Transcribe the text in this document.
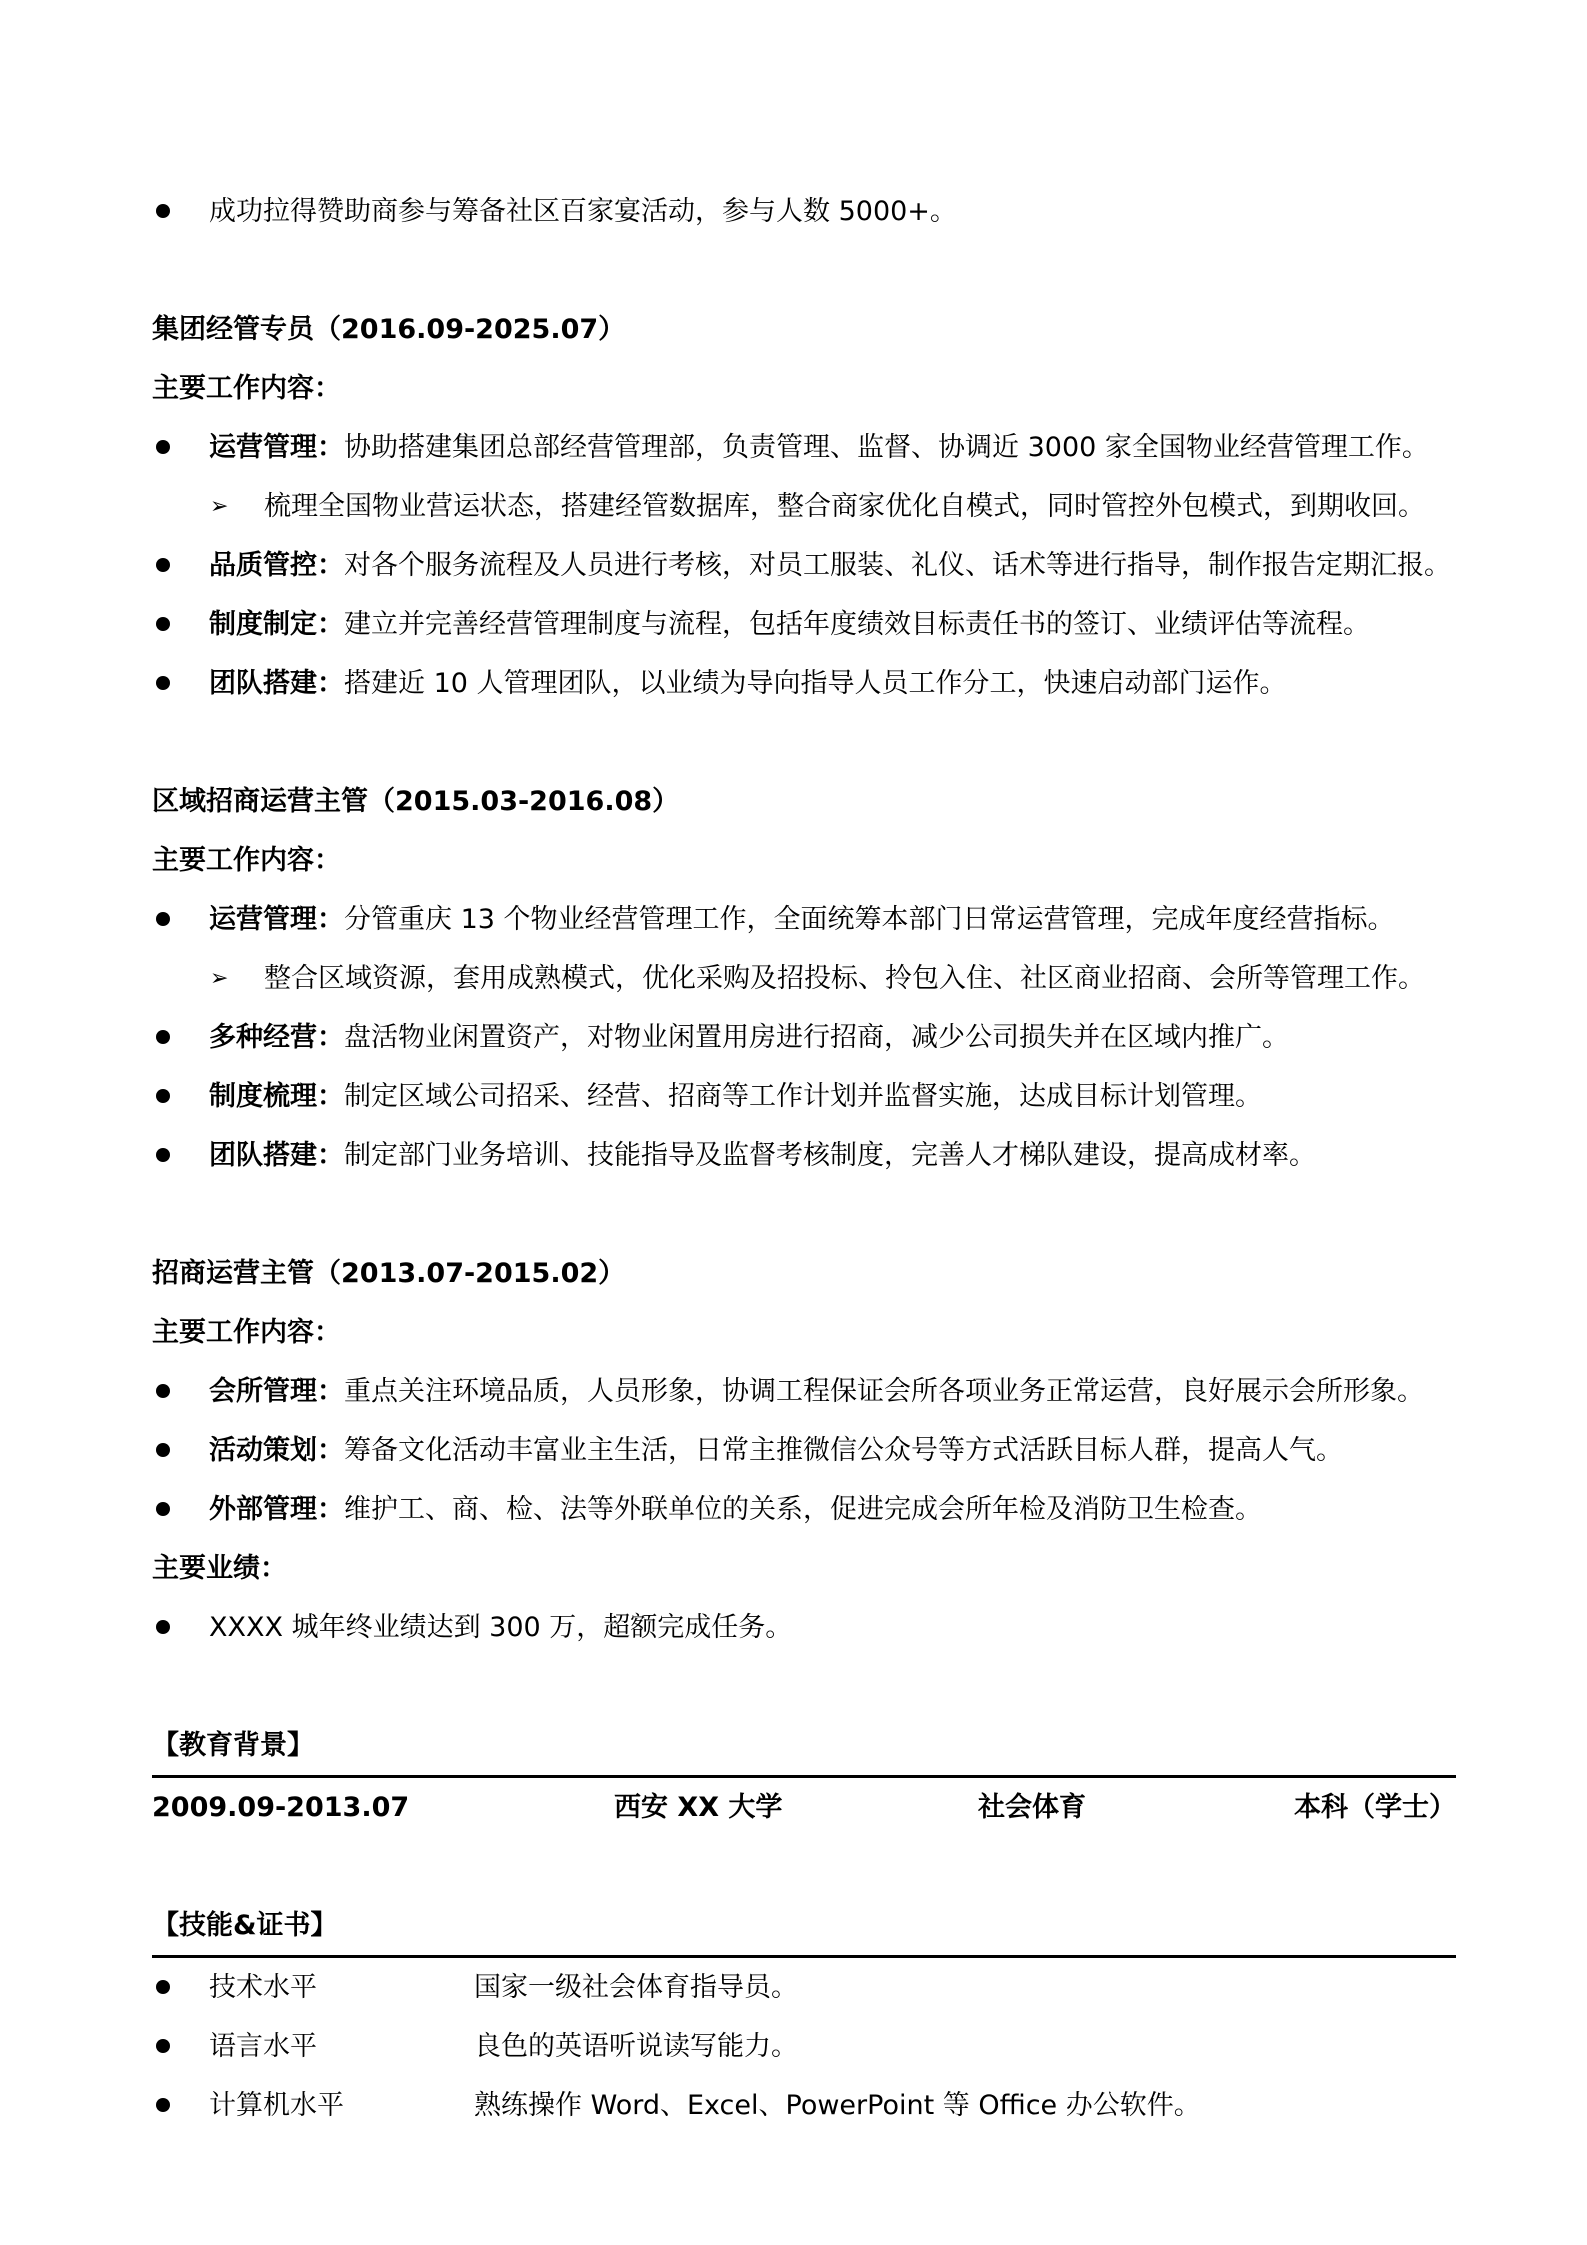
成功拉得赞助商参与筹备社区百家宴活动，参与人数 5000+。
集团经管专员（2016.09-2025.07）
主要工作内容：
运营管理：协助搭建集团总部经营管理部，负责管理、监督、协调近 3000 家全国物业经营管理工作。
➢ 梳理全国物业营运状态，搭建经管数据库，整合商家优化自模式，同时管控外包模式，到期收回。
品质管控：对各个服务流程及人员进行考核，对员工服装、礼仪、话术等进行指导，制作报告定期汇报。
制度制定：建立并完善经营管理制度与流程，包括年度绩效目标责任书的签订、业绩评估等流程。
团队搭建：搭建近 10 人管理团队，以业绩为导向指导人员工作分工，快速启动部门运作。
区域招商运营主管（2015.03-2016.08）
主要工作内容：
运营管理：分管重庆 13 个物业经营管理工作，全面统筹本部门日常运营管理，完成年度经营指标。
➢ 整合区域资源，套用成熟模式，优化采购及招投标、拎包入住、社区商业招商、会所等管理工作。
多种经营：盘活物业闲置资产，对物业闲置用房进行招商，减少公司损失并在区域内推广。
制度梳理：制定区域公司招采、经营、招商等工作计划并监督实施，达成目标计划管理。
团队搭建：制定部门业务培训、技能指导及监督考核制度，完善人才梯队建设，提高成材率。
招商运营主管（2013.07-2015.02）
主要工作内容：
会所管理：重点关注环境品质，人员形象，协调工程保证会所各项业务正常运营，良好展示会所形象。
活动策划：筹备文化活动丰富业主生活，日常主推微信公众号等方式活跃目标人群，提高人气。
外部管理：维护工、商、检、法等外联单位的关系，促进完成会所年检及消防卫生检查。
主要业绩：
XXXX 城年终业绩达到 300 万，超额完成任务。
【教育背景】
2009.09-2013.07	西安 XX 大学	社会体育	本科（学士）
【技能&证书】
技术水平	国家一级社会体育指导员。
语言水平	良色的英语听说读写能力。
计算机水平	熟练操作 Word、Excel、PowerPoint 等 Office 办公软件。
